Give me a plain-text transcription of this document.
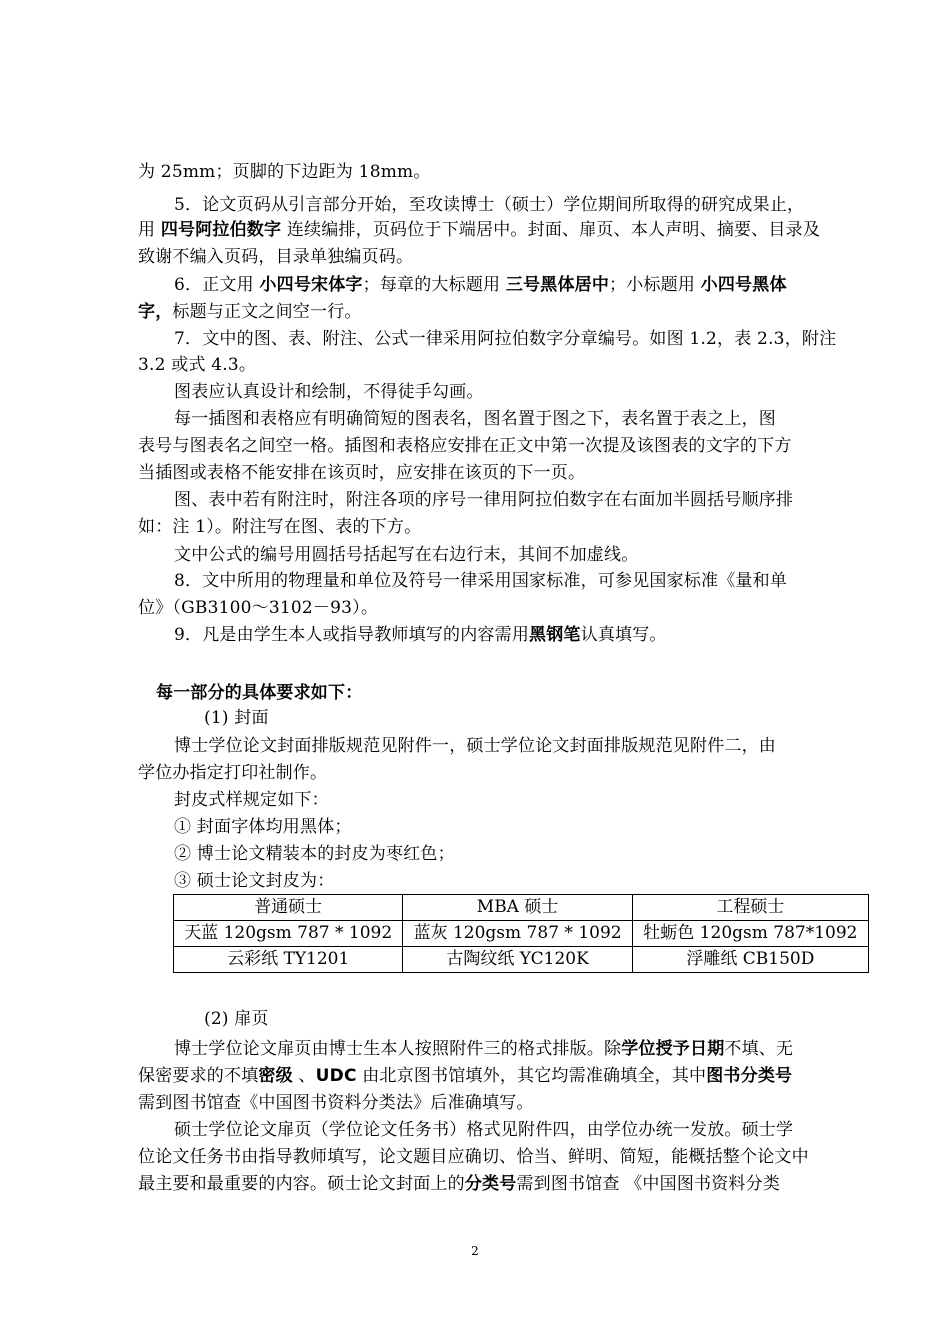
为 25mm；页脚的下边距为 18mm。
5．论文页码从引言部分开始，至攻读博士（硕士）学位期间所取得的研究成果止，
用 四号阿拉伯数字 连续编排，页码位于下端居中。封面、扉页、本人声明、摘要、目录及
致谢不编入页码，目录单独编页码。
6．正文用 小四号宋体字；每章的大标题用 三号黑体居中；小标题用 小四号黑体
字，标题与正文之间空一行。
7．文中的图、表、附注、公式一律采用阿拉伯数字分章编号。如图 1.2，表 2.3，附注
3.2 或式 4.3。
图表应认真设计和绘制，不得徒手勾画。
每一插图和表格应有明确简短的图表名，图名置于图之下，表名置于表之上，图
表号与图表名之间空一格。插图和表格应安排在正文中第一次提及该图表的文字的下方
当插图或表格不能安排在该页时，应安排在该页的下一页。
图、表中若有附注时，附注各项的序号一律用阿拉伯数字在右面加半圆括号顺序排
如：注 1）。附注写在图、表的下方。
文中公式的编号用圆括号括起写在右边行末，其间不加虚线。
8．文中所用的物理量和单位及符号一律采用国家标准，可参见国家标准《量和单
位》（GB3100～3102－93）。
9．凡是由学生本人或指导教师填写的内容需用黑钢笔认真填写。
每一部分的具体要求如下：
(1) 封面
博士学位论文封面排版规范见附件一，硕士学位论文封面排版规范见附件二，由
学位办指定打印社制作。
封皮式样规定如下：
① 封面字体均用黑体；
② 博士论文精装本的封皮为枣红色；
③ 硕士论文封皮为：
普通硕士	MBA 硕士	工程硕士
天蓝 120gsm 787 * 1092	蓝灰 120gsm 787 * 1092	牡蛎色 120gsm 787*1092
云彩纸 TY1201	古陶纹纸 YC120K	浮雕纸 CB150D
(2) 扉页
博士学位论文扉页由博士生本人按照附件三的格式排版。除学位授予日期不填、无
保密要求的不填密级 、UDC 由北京图书馆填外，其它均需准确填全，其中图书分类号
需到图书馆查《中国图书资料分类法》后准确填写。
硕士学位论文扉页（学位论文任务书）格式见附件四，由学位办统一发放。硕士学
位论文任务书由指导教师填写，论文题目应确切、恰当、鲜明、简短，能概括整个论文中
最主要和最重要的内容。硕士论文封面上的分类号需到图书馆查 《中国图书资料分类
2
